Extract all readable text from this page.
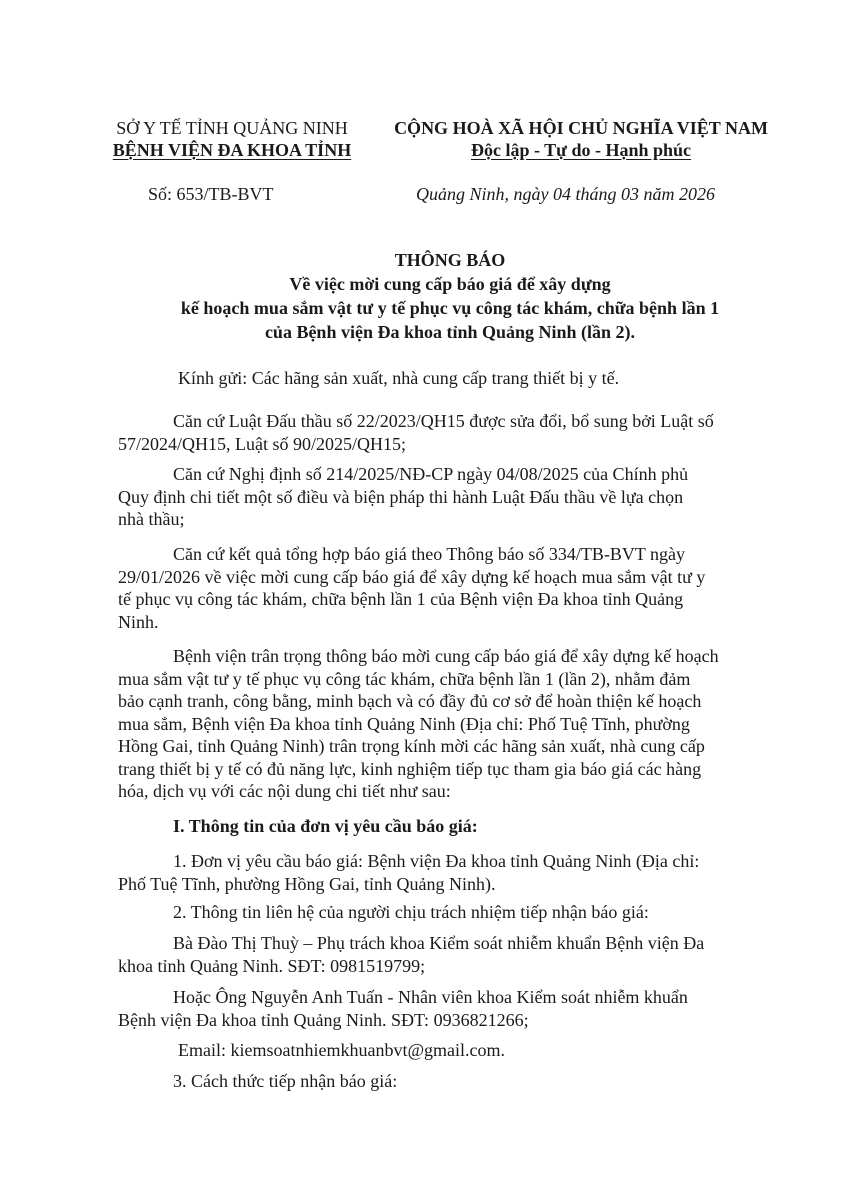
SỞ Y TẾ TỈNH QUẢNG NINH
BỆNH VIỆN ĐA KHOA TỈNH
CỘNG HOÀ XÃ HỘI CHỦ NGHĨA VIỆT NAM
Độc lập - Tự do - Hạnh phúc
Số: 653/TB-BVT	Quảng Ninh, ngày 04 tháng 03 năm 2026
THÔNG BÁO
Về việc mời cung cấp báo giá để xây dựng
kế hoạch mua sắm vật tư y tế phục vụ công tác khám, chữa bệnh lần 1
của Bệnh viện Đa khoa tỉnh Quảng Ninh (lần 2).
Kính gửi: Các hãng sản xuất, nhà cung cấp trang thiết bị y tế.
Căn cứ Luật Đấu thầu số 22/2023/QH15 được sửa đổi, bổ sung bởi Luật số
57/2024/QH15, Luật số 90/2025/QH15;
Căn cứ Nghị định số 214/2025/NĐ-CP ngày 04/08/2025 của Chính phủ
Quy định chi tiết một số điều và biện pháp thi hành Luật Đấu thầu về lựa chọn
nhà thầu;
Căn cứ kết quả tổng hợp báo giá theo Thông báo số 334/TB-BVT ngày
29/01/2026 về việc mời cung cấp báo giá để xây dựng kế hoạch mua sắm vật tư y
tế phục vụ công tác khám, chữa bệnh lần 1 của Bệnh viện Đa khoa tỉnh Quảng
Ninh.
Bệnh viện trân trọng thông báo mời cung cấp báo giá để xây dựng kế hoạch
mua sắm vật tư y tế phục vụ công tác khám, chữa bệnh lần 1 (lần 2), nhằm đảm
bảo cạnh tranh, công bằng, minh bạch và có đầy đủ cơ sở để hoàn thiện kế hoạch
mua sắm, Bệnh viện Đa khoa tỉnh Quảng Ninh (Địa chỉ: Phố Tuệ Tĩnh, phường
Hồng Gai, tỉnh Quảng Ninh) trân trọng kính mời các hãng sản xuất, nhà cung cấp
trang thiết bị y tế có đủ năng lực, kinh nghiệm tiếp tục tham gia báo giá các hàng
hóa, dịch vụ với các nội dung chi tiết như sau:
I. Thông tin của đơn vị yêu cầu báo giá:
1. Đơn vị yêu cầu báo giá: Bệnh viện Đa khoa tỉnh Quảng Ninh (Địa chỉ:
Phố Tuệ Tĩnh, phường Hồng Gai, tỉnh Quảng Ninh).
2. Thông tin liên hệ của người chịu trách nhiệm tiếp nhận báo giá:
Bà Đào Thị Thuỳ – Phụ trách khoa Kiểm soát nhiễm khuẩn Bệnh viện Đa
khoa tỉnh Quảng Ninh. SĐT: 0981519799;
Hoặc Ông Nguyễn Anh Tuấn - Nhân viên khoa Kiểm soát nhiễm khuẩn
Bệnh viện Đa khoa tỉnh Quảng Ninh. SĐT: 0936821266;
Email: kiemsoatnhiemkhuanbvt@gmail.com.
3. Cách thức tiếp nhận báo giá:
